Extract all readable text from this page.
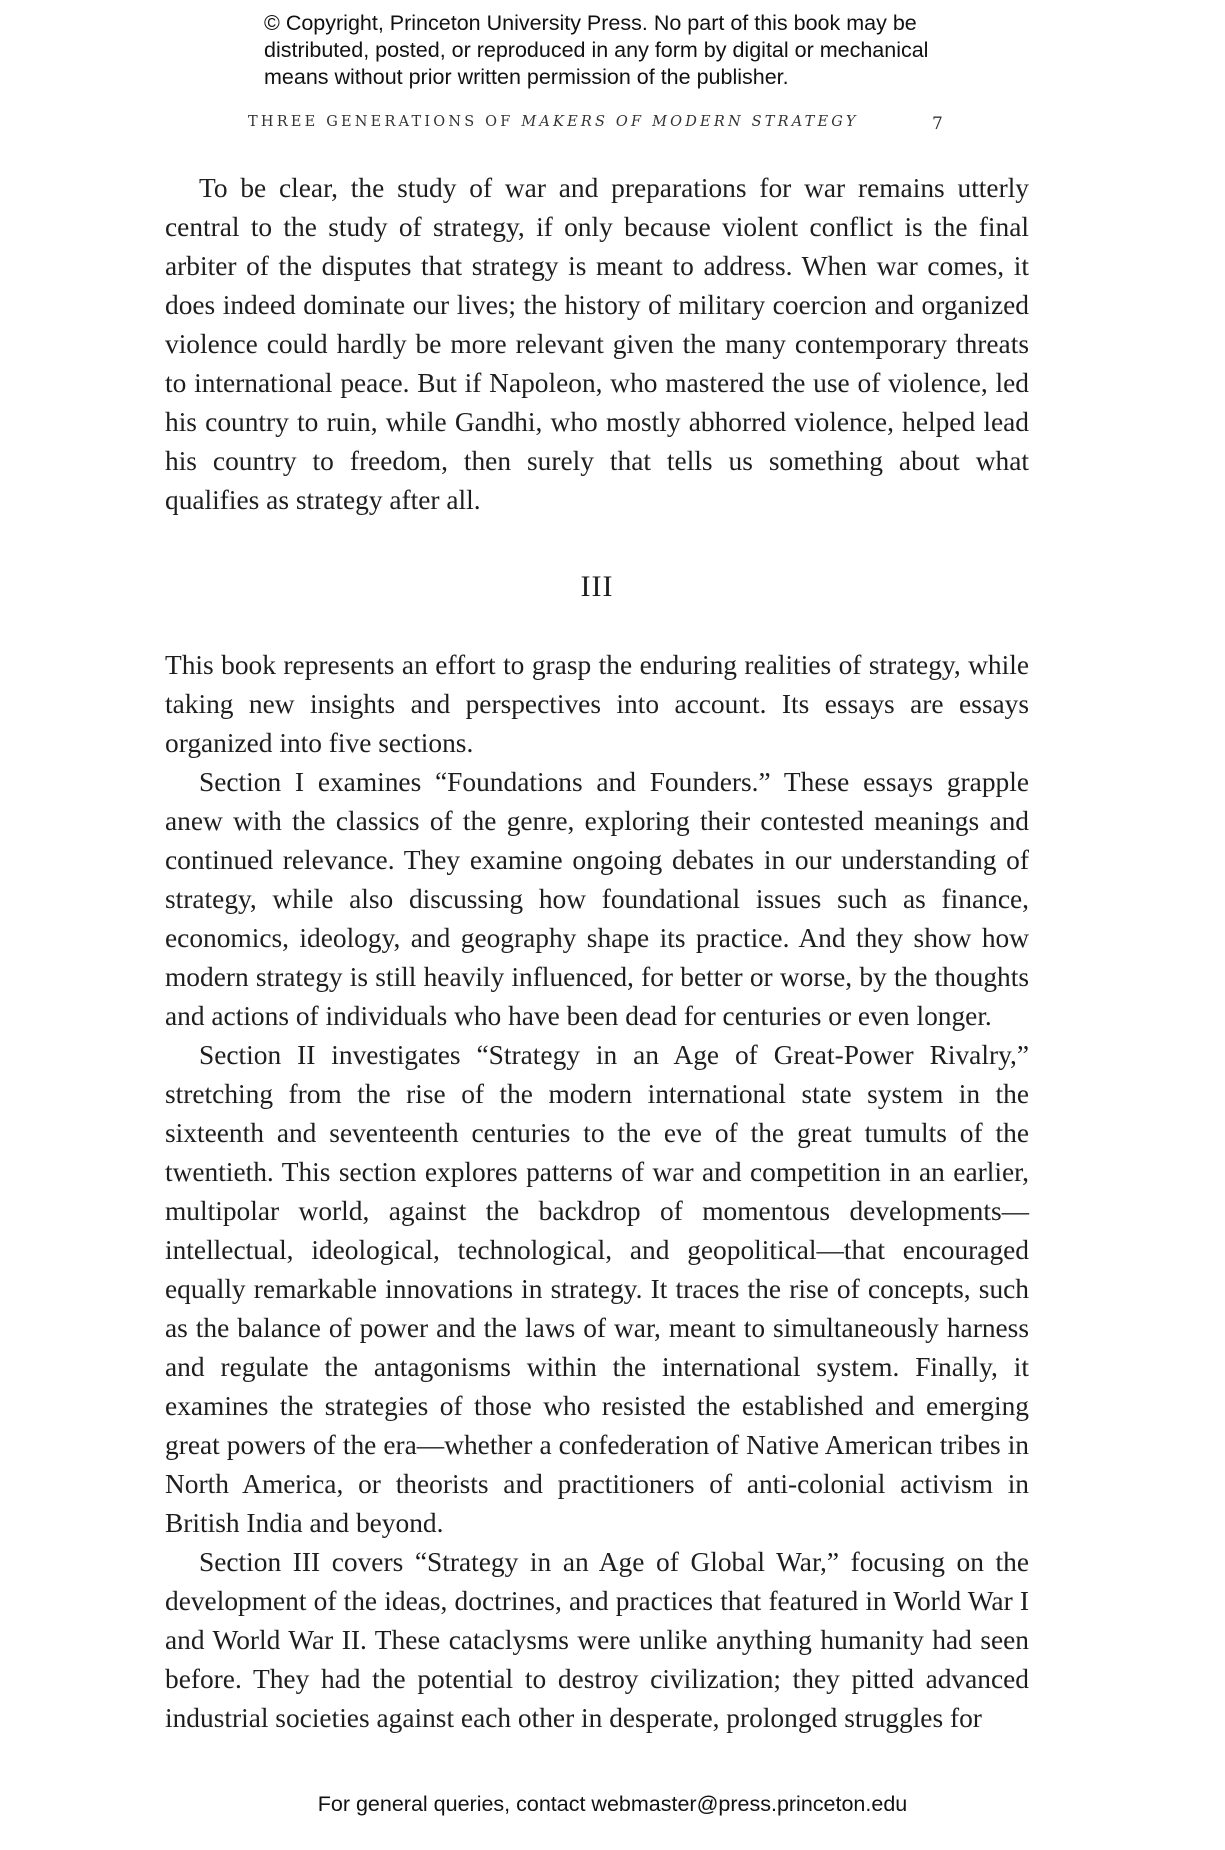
© Copyright, Princeton University Press. No part of this book may be
distributed, posted, or reproduced in any form by digital or mechanical
means without prior written permission of the publisher.
THREE GENERATIONS OF MAKERS OF MODERN STRATEGY	7

To be clear, the study of war and preparations for war remains utterly central to the study of strategy, if only because violent conflict is the final arbiter of the disputes that strategy is meant to address. When war comes, it does indeed dominate our lives; the history of military coercion and organized violence could hardly be more relevant given the many contemporary threats to international peace. But if Napoleon, who mastered the use of violence, led his country to ruin, while Gandhi, who mostly abhorred violence, helped lead his country to freedom, then surely that tells us something about what qualifies as strategy after all.

III

This book represents an effort to grasp the enduring realities of strategy, while taking new insights and perspectives into account. Its essays are essays organized into five sections.

Section I examines “Foundations and Founders.” These essays grapple anew with the classics of the genre, exploring their contested meanings and continued relevance. They examine ongoing debates in our understanding of strategy, while also discussing how foundational issues such as finance, economics, ideology, and geography shape its practice. And they show how modern strategy is still heavily influenced, for better or worse, by the thoughts and actions of individuals who have been dead for centuries or even longer.

Section II investigates “Strategy in an Age of Great-Power Rivalry,” stretching from the rise of the modern international state system in the sixteenth and seventeenth centuries to the eve of the great tumults of the twentieth. This section explores patterns of war and competition in an earlier, multipolar world, against the backdrop of momentous developments—intellectual, ideological, technological, and geopolitical—that encouraged equally remarkable innovations in strategy. It traces the rise of concepts, such as the balance of power and the laws of war, meant to simultaneously harness and regulate the antagonisms within the international system. Finally, it examines the strategies of those who resisted the established and emerging great powers of the era—whether a confederation of Native American tribes in North America, or theorists and practitioners of anti-colonial activism in British India and beyond.

Section III covers “Strategy in an Age of Global War,” focusing on the development of the ideas, doctrines, and practices that featured in World War I and World War II. These cataclysms were unlike anything humanity had seen before. They had the potential to destroy civilization; they pitted advanced industrial societies against each other in desperate, prolonged struggles for

For general queries, contact webmaster@press.princeton.edu
